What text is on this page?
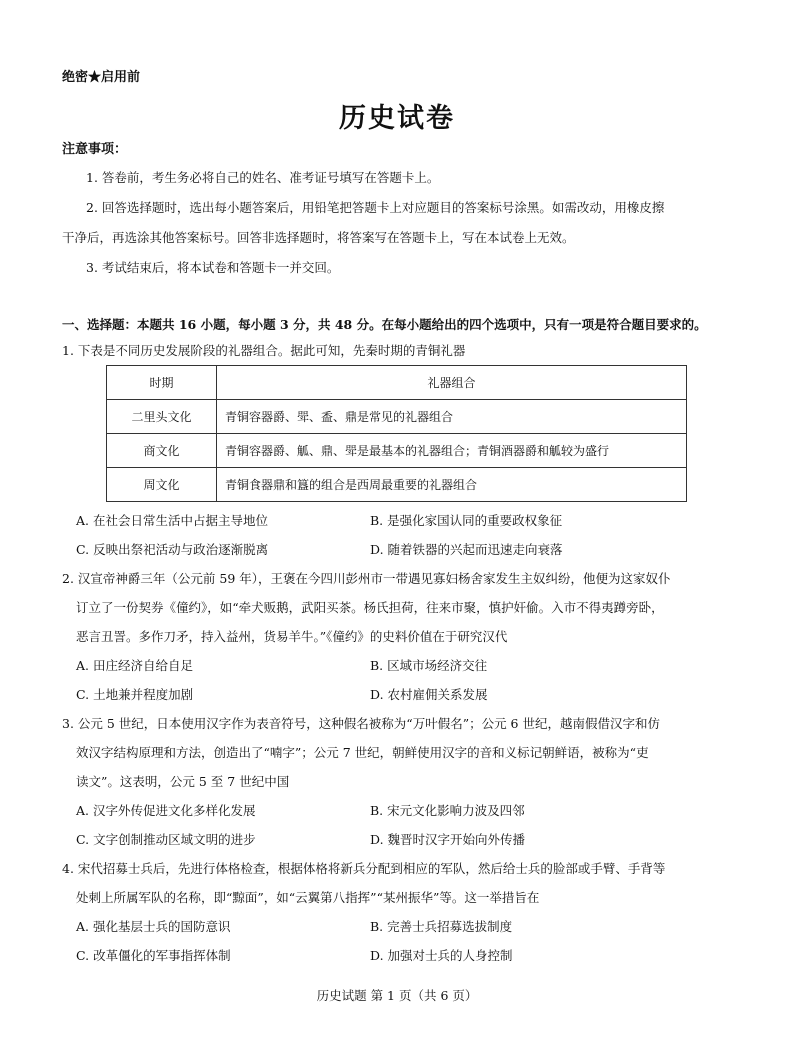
绝密★启用前
历史试卷
注意事项：
1. 答卷前，考生务必将自己的姓名、准考证号填写在答题卡上。
2. 回答选择题时，选出每小题答案后，用铅笔把答题卡上对应题目的答案标号涂黑。如需改动，用橡皮擦
干净后，再选涂其他答案标号。回答非选择题时，将答案写在答题卡上，写在本试卷上无效。
3. 考试结束后，将本试卷和答题卡一并交回。
一、选择题：本题共 16 小题，每小题 3 分，共 48 分。在每小题给出的四个选项中，只有一项是符合题目要求的。
1. 下表是不同历史发展阶段的礼器组合。据此可知，先秦时期的青铜礼器
时期	礼器组合
二里头文化	青铜容器爵、斝、盉、鼎是常见的礼器组合
商文化	青铜容器爵、觚、鼎、斝是最基本的礼器组合；青铜酒器爵和觚较为盛行
周文化	青铜食器鼎和簋的组合是西周最重要的礼器组合
A. 在社会日常生活中占据主导地位	B. 是强化家国认同的重要政权象征
C. 反映出祭祀活动与政治逐渐脱离	D. 随着铁器的兴起而迅速走向衰落
2. 汉宣帝神爵三年（公元前 59 年），王褒在今四川彭州市一带遇见寡妇杨舍家发生主奴纠纷，他便为这家奴仆
订立了一份契券《僮约》，如“牵犬贩鹅，武阳买茶。杨氏担荷，往来市聚，慎护奸偷。入市不得夷蹲旁卧，
恶言丑詈。多作刀矛，持入益州，货易羊牛。”《僮约》的史料价值在于研究汉代
A. 田庄经济自给自足	B. 区域市场经济交往
C. 土地兼并程度加剧	D. 农村雇佣关系发展
3. 公元 5 世纪，日本使用汉字作为表音符号，这种假名被称为“万叶假名”；公元 6 世纪，越南假借汉字和仿
效汉字结构原理和方法，创造出了“喃字”；公元 7 世纪，朝鲜使用汉字的音和义标记朝鲜语，被称为“吏
读文”。这表明，公元 5 至 7 世纪中国
A. 汉字外传促进文化多样化发展	B. 宋元文化影响力波及四邻
C. 文字创制推动区域文明的进步	D. 魏晋时汉字开始向外传播
4. 宋代招募士兵后，先进行体格检查，根据体格将新兵分配到相应的军队，然后给士兵的脸部或手臂、手背等
处刺上所属军队的名称，即“黥面”，如“云翼第八指挥”“某州振华”等。这一举措旨在
A. 强化基层士兵的国防意识	B. 完善士兵招募选拔制度
C. 改革僵化的军事指挥体制	D. 加强对士兵的人身控制
历史试题 第 1 页（共 6 页）
